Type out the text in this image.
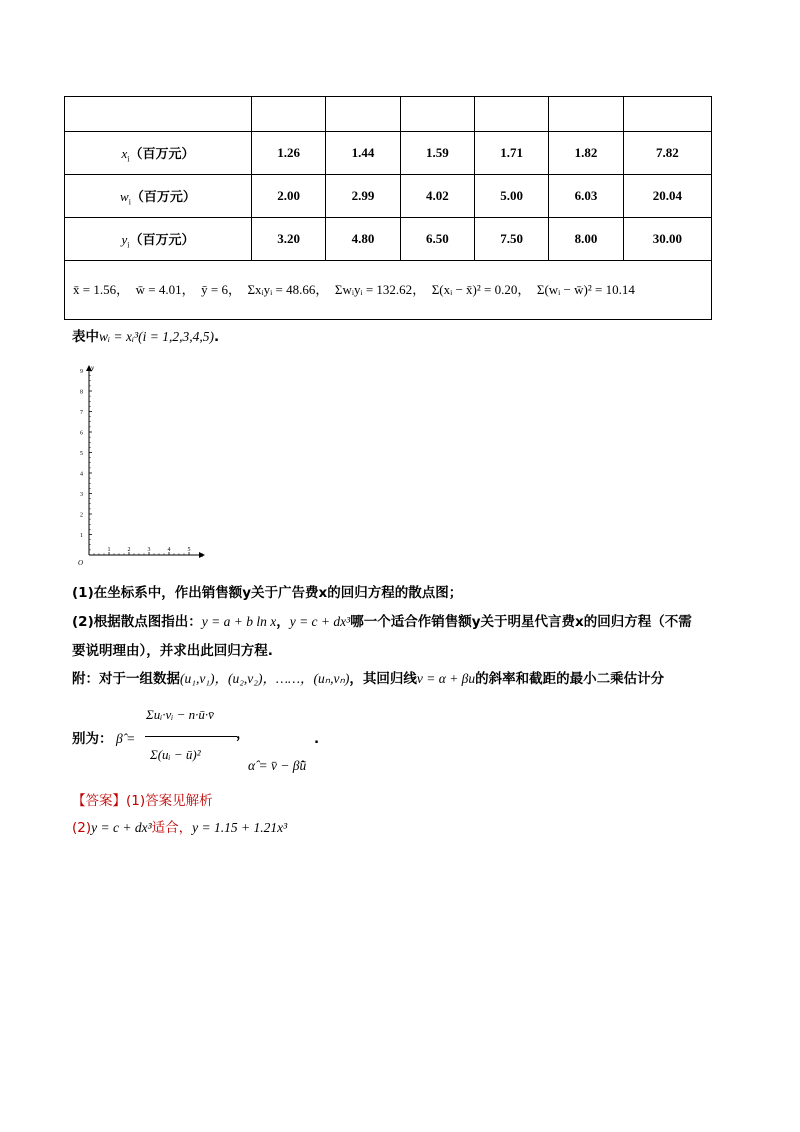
$x_i$（百万元）	1.26	1.44	1.59	1.71	1.82	7.82
$w_i$（百万元）	2.00	2.99	4.02	5.00	6.03	20.04
$y_i$（百万元）	3.20	4.80	6.50	7.50	8.00	30.00
x̄ = 1.56，  w̄ = 4.01，  ȳ = 6，  Σxᵢyᵢ = 48.66，  Σwᵢyᵢ = 132.62，  Σ(xᵢ − x̄)² = 0.20，  Σ(wᵢ − w̄)² = 10.14						
表中wᵢ = xᵢ³(i = 1,2,3,4,5).
1
2
3
4
5
6
7
8
9
1	2	3	4	5
y
x
O
(1)在坐标系中，作出销售额y关于广告费x的回归方程的散点图；
(2)根据散点图指出：y = a + b ln x，y = c + dx³哪一个适合作销售额y关于明星代言费x的回归方程（不需
要说明理由），并求出此回归方程.
附：对于一组数据(u₁,v₁)，(u₂,v₂)，……，(uₙ,vₙ)，其回归线v = α + βu的斜率和截距的最小二乘估计分
别为： β̂ =
Σuᵢ·vᵢ − n·ū·v̄
Σ(uᵢ − ū)²
，
α̂ = v̄ − β̂ū
.
【答案】(1)答案见解析
(2)y = c + dx³适合，y = 1.15 + 1.21x³
